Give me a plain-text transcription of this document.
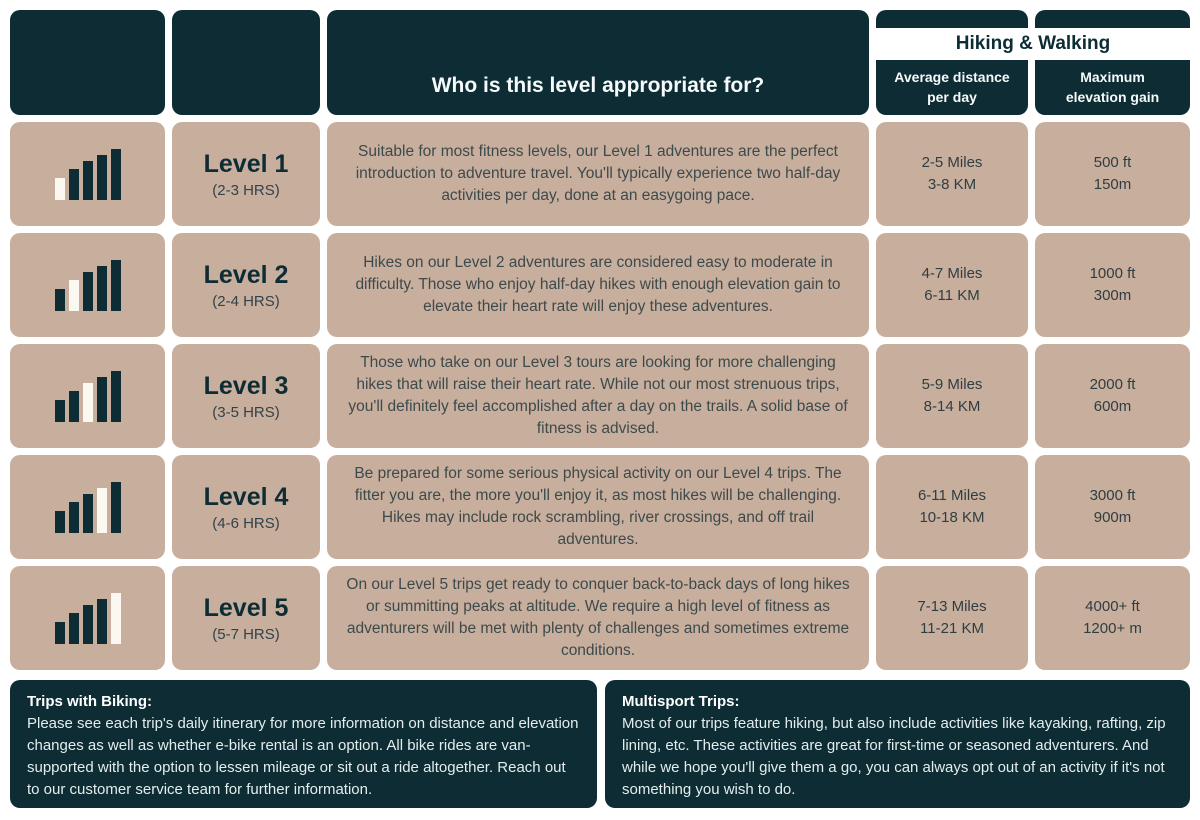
Who is this level appropriate for?
Hiking & Walking
Average distance
per day
Maximum
elevation gain
Level 1
(2-3 HRS)
Suitable for most fitness levels, our Level 1 adventures are the perfect introduction to adventure travel. You'll typically experience two half-day activities per day, done at an easygoing pace.
2-5 Miles
3-8 KM
500 ft
150m
Level 2
(2-4 HRS)
Hikes on our Level 2 adventures are considered easy to moderate in difficulty. Those who enjoy half-day hikes with enough elevation gain to elevate their heart rate will enjoy these adventures.
4-7 Miles
6-11 KM
1000 ft
300m
Level 3
(3-5 HRS)
Those who take on our Level 3 tours are looking for more challenging hikes that will raise their heart rate. While not our most strenuous trips, you'll definitely feel accomplished after a day on the trails. A solid base of fitness is advised.
5-9 Miles
8-14 KM
2000 ft
600m
Level 4
(4-6 HRS)
Be prepared for some serious physical activity on our Level 4 trips. The fitter you are, the more you'll enjoy it, as most hikes will be challenging. Hikes may include rock scrambling, river crossings, and off trail adventures.
6-11 Miles
10-18 KM
3000 ft
900m
Level 5
(5-7 HRS)
On our Level 5 trips get ready to conquer back-to-back days of long hikes or summitting peaks at altitude. We require a high level of fitness as adventurers will be met with plenty of challenges and sometimes extreme conditions.
7-13 Miles
11-21 KM
4000+ ft
1200+ m
Trips with Biking:
Please see each trip's daily itinerary for more information on distance and elevation changes as well as whether e-bike rental is an option. All bike rides are van-supported with the option to lessen mileage or sit out a ride altogether. Reach out to our customer service team for further information.
Multisport Trips:
Most of our trips feature hiking, but also include activities like kayaking, rafting, zip lining, etc. These activities are great for first-time or seasoned adventurers. And while we hope you'll give them a go, you can always opt out of an activity if it's not something you wish to do.
